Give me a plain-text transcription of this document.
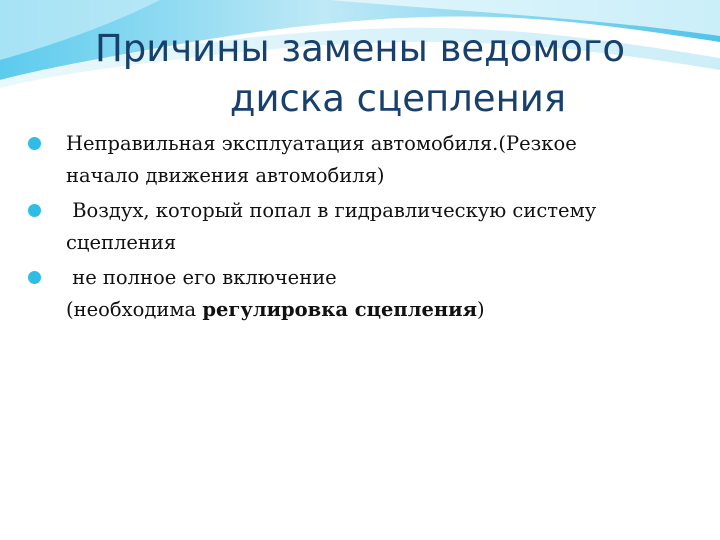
Причины замены ведомого
диска сцепления
Неправильная эксплуатация автомобиля.(Резкое
начало движения автомобиля)
Воздух, который попал в гидравлическую систему
сцепления
не полное его включение
(необходима регулировка сцепления)
